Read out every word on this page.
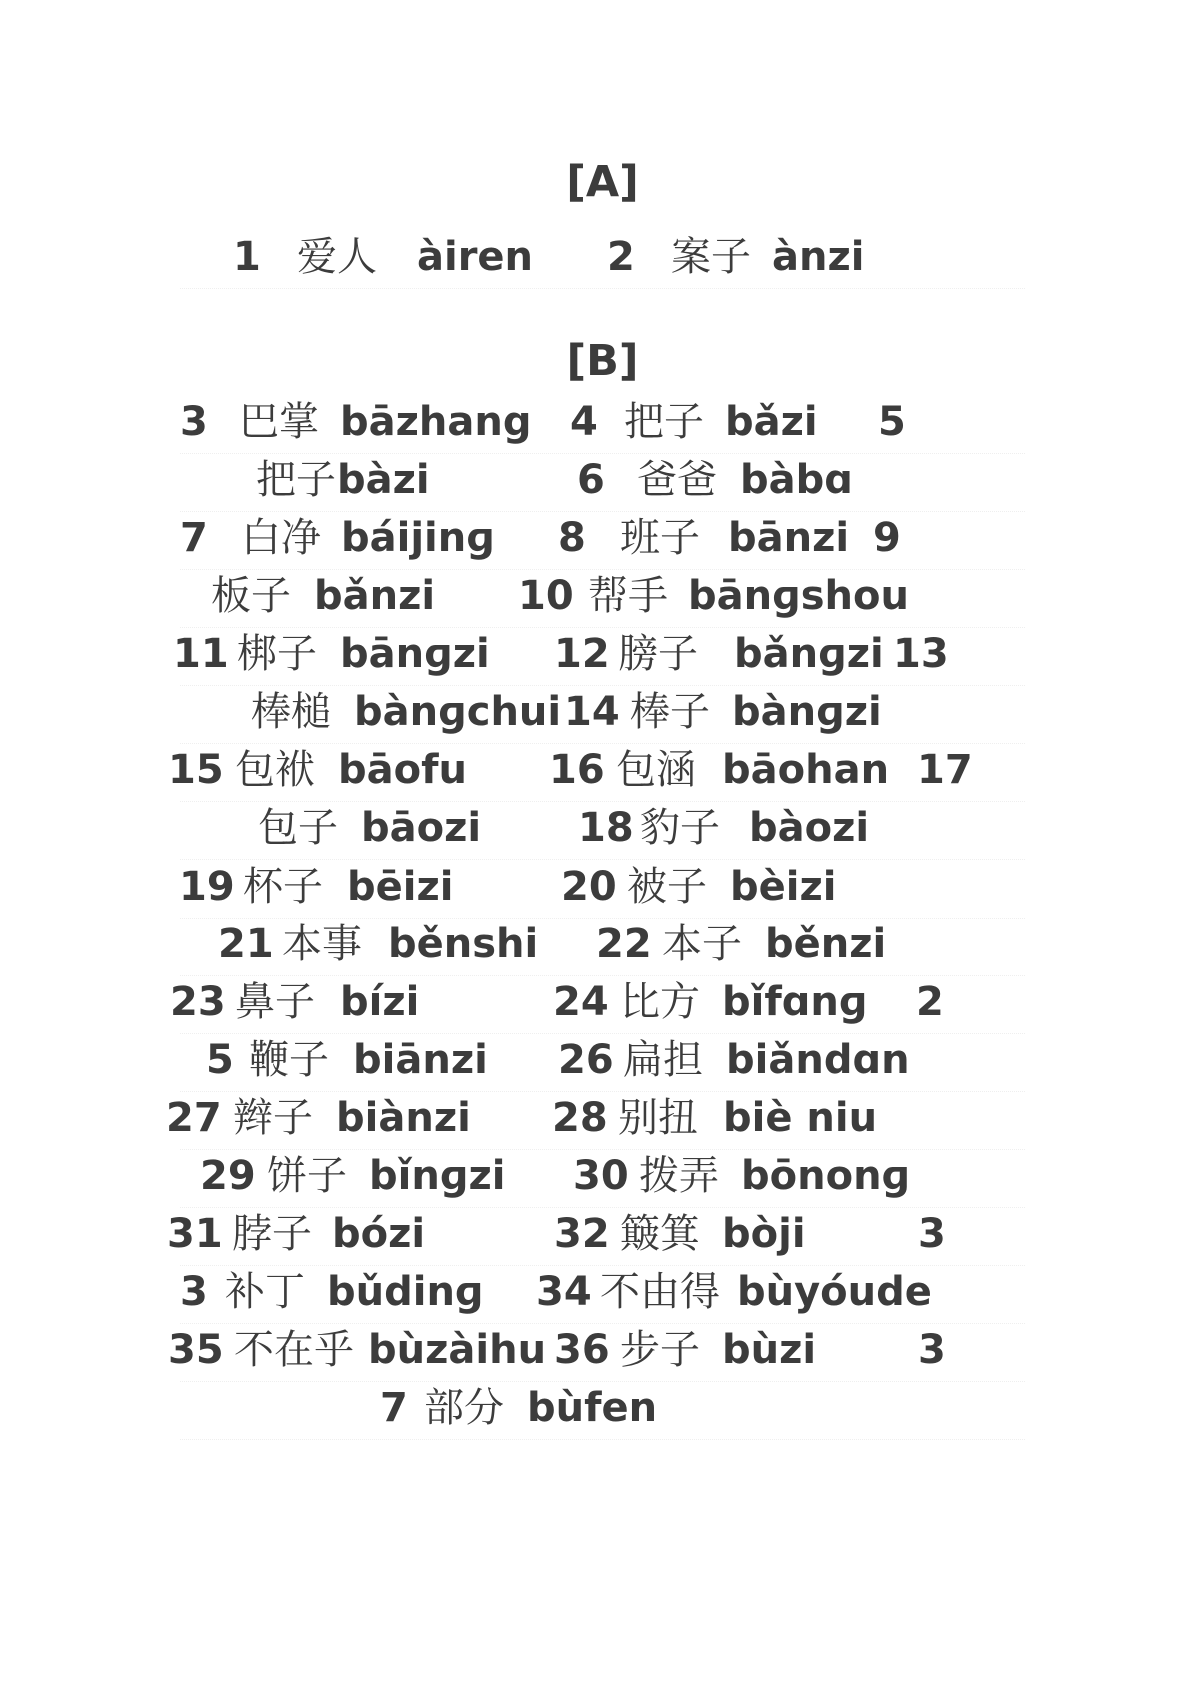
[A]
[B]
1 爱人 àiren 2 案子 ànzi
3 巴掌 bāzhang 4 把子 bǎzi 5
把子 bàzi	6 爸爸 bàbɑ
7 白净 báijinɡ 8 班子 bānzi 9
板子 bǎnzi 10 帮手 bānɡshou
11 梆子 bānɡzi 12 膀子 bǎnɡzi 13
棒槌 bànɡchui 14 棒子 bànɡzi
15 包袱 bāofu 16 包涵 bāohan 17
包子 bāozi 18 豹子 bàozi
19 杯子 bēizi	20 被子 bèizi
21 本事 běnshi 22 本子 běnzi
23 鼻子 bízi	24 比方 bǐfɑnɡ 2
5 鞭子 biānzi 26 扁担 biǎndɑn
27 辫子 biànzi 28 别扭 biè niu
29 饼子 bǐnɡzi 30 拨弄 bōnonɡ
31 脖子 bózi	32 簸箕 bòji	3
3 补丁 bǔdinɡ 34 不由得 bùyóude
35 不在乎 bùzàihu 36 步子 bùzi	3
7 部分 bùfen
